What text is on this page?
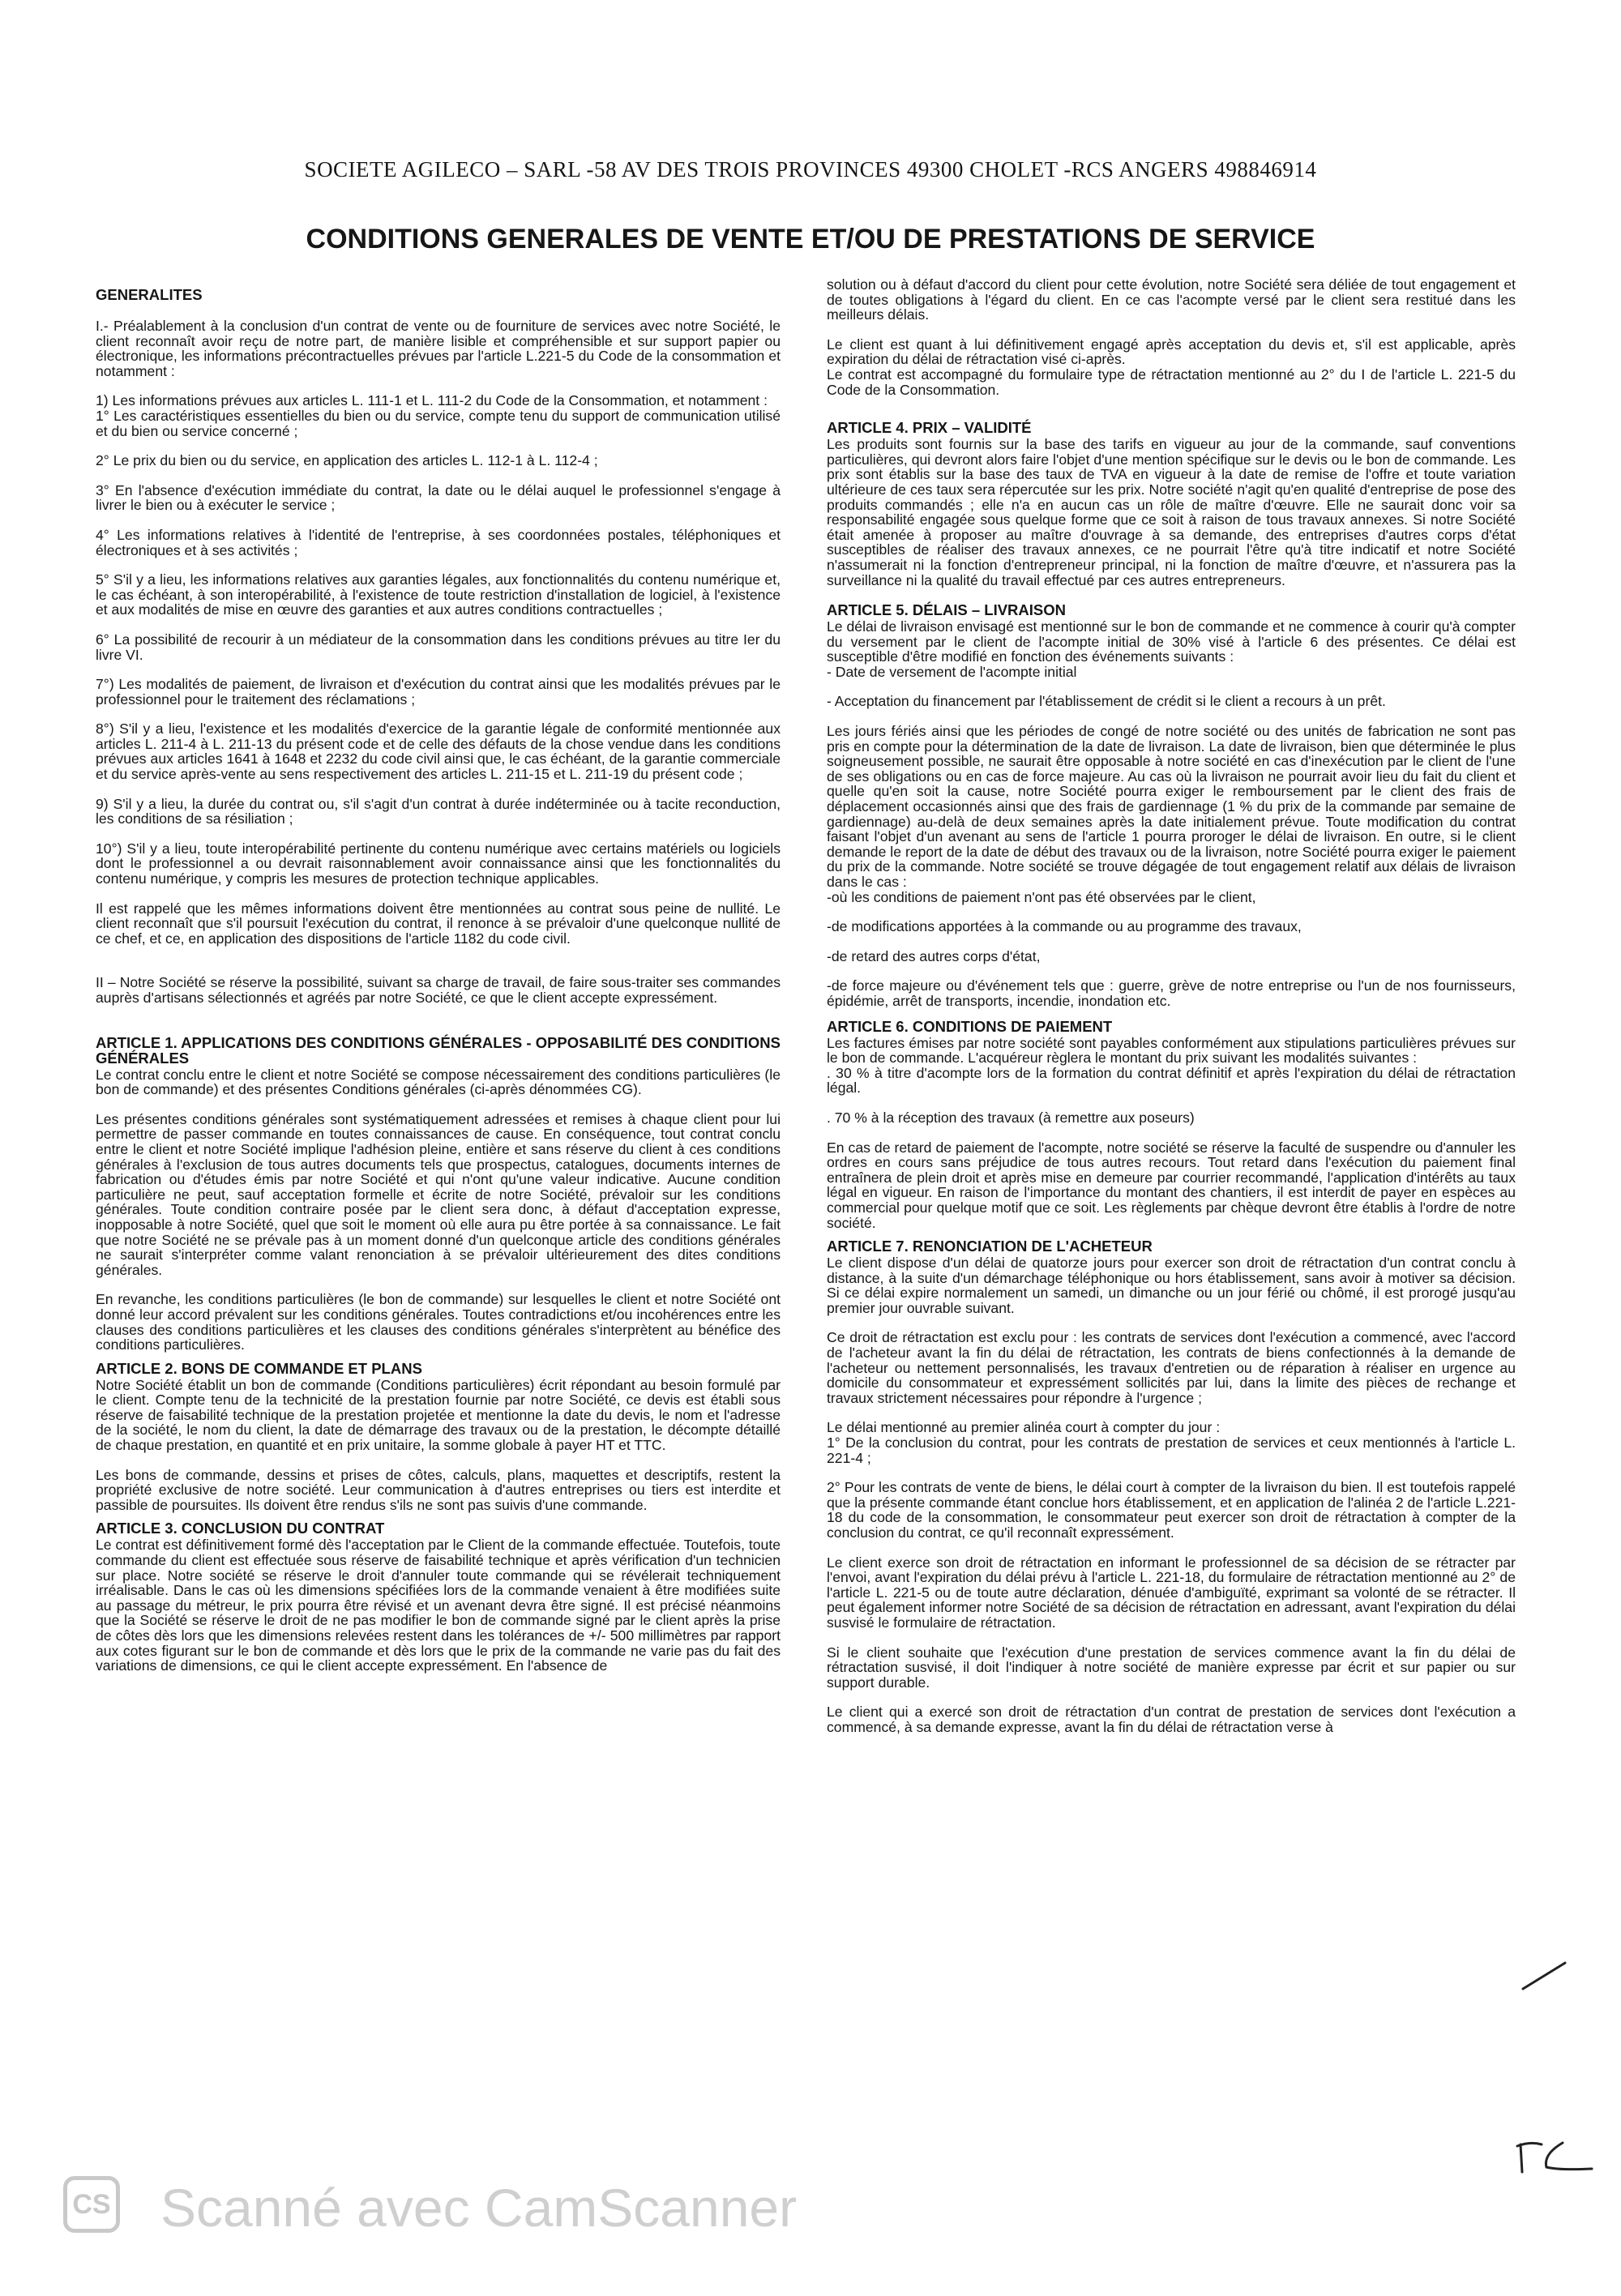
SOCIETE AGILECO – SARL -58 AV DES TROIS PROVINCES 49300 CHOLET -RCS ANGERS 498846914
CONDITIONS GENERALES DE VENTE ET/OU DE PRESTATIONS DE SERVICE
GENERALITES

I.- Préalablement à la conclusion d'un contrat de vente ou de fourniture de services avec notre Société, le client reconnaît avoir reçu de notre part, de manière lisible et compréhensible et sur support papier ou électronique, les informations précontractuelles prévues par l'article L.221-5 du Code de la consommation et notamment :

1) Les informations prévues aux articles L. 111-1 et L. 111-2 du Code de la Consommation, et notamment :

1° Les caractéristiques essentielles du bien ou du service, compte tenu du support de communication utilisé et du bien ou service concerné ;

2° Le prix du bien ou du service, en application des articles L. 112-1 à L. 112-4 ;

3° En l'absence d'exécution immédiate du contrat, la date ou le délai auquel le professionnel s'engage à livrer le bien ou à exécuter le service ;

4° Les informations relatives à l'identité de l'entreprise, à ses coordonnées postales, téléphoniques et électroniques et à ses activités ;

5° S'il y a lieu, les informations relatives aux garanties légales, aux fonctionnalités du contenu numérique et, le cas échéant, à son interopérabilité, à l'existence de toute restriction d'installation de logiciel, à l'existence et aux modalités de mise en œuvre des garanties et aux autres conditions contractuelles ;

6° La possibilité de recourir à un médiateur de la consommation dans les conditions prévues au titre Ier du livre VI.

7°) Les modalités de paiement, de livraison et d'exécution du contrat ainsi que les modalités prévues par le professionnel pour le traitement des réclamations ;

8°) S'il y a lieu, l'existence et les modalités d'exercice de la garantie légale de conformité mentionnée aux articles L. 211-4 à L. 211-13 du présent code et de celle des défauts de la chose vendue dans les conditions prévues aux articles 1641 à 1648 et 2232 du code civil ainsi que, le cas échéant, de la garantie commerciale et du service après-vente au sens respectivement des articles L. 211-15 et L. 211-19 du présent code ;

9) S'il y a lieu, la durée du contrat ou, s'il s'agit d'un contrat à durée indéterminée ou à tacite reconduction, les conditions de sa résiliation ;

10°) S'il y a lieu, toute interopérabilité pertinente du contenu numérique avec certains matériels ou logiciels dont le professionnel a ou devrait raisonnablement avoir connaissance ainsi que les fonctionnalités du contenu numérique, y compris les mesures de protection technique applicables.

Il est rappelé que les mêmes informations doivent être mentionnées au contrat sous peine de nullité. Le client reconnaît que s'il poursuit l'exécution du contrat, il renonce à se prévaloir d'une quelconque nullité de ce chef, et ce, en application des dispositions de l'article 1182 du code civil.

II – Notre Société se réserve la possibilité, suivant sa charge de travail, de faire sous-traiter ses commandes auprès d'artisans sélectionnés et agréés par notre Société, ce que le client accepte expressément.

ARTICLE 1. APPLICATIONS DES CONDITIONS GÉNÉRALES - OPPOSABILITÉ DES CONDITIONS GÉNÉRALES

Le contrat conclu entre le client et notre Société se compose nécessairement des conditions particulières (le bon de commande) et des présentes Conditions générales (ci-après dénommées CG).

Les présentes conditions générales sont systématiquement adressées et remises à chaque client pour lui permettre de passer commande en toutes connaissances de cause. En conséquence, tout contrat conclu entre le client et notre Société implique l'adhésion pleine, entière et sans réserve du client à ces conditions générales à l'exclusion de tous autres documents tels que prospectus, catalogues, documents internes de fabrication ou d'études émis par notre Société et qui n'ont qu'une valeur indicative. Aucune condition particulière ne peut, sauf acceptation formelle et écrite de notre Société, prévaloir sur les conditions générales. Toute condition contraire posée par le client sera donc, à défaut d'acceptation expresse, inopposable à notre Société, quel que soit le moment où elle aura pu être portée à sa connaissance. Le fait que notre Société ne se prévale pas à un moment donné d'un quelconque article des conditions générales ne saurait s'interpréter comme valant renonciation à se prévaloir ultérieurement des dites conditions générales.

En revanche, les conditions particulières (le bon de commande) sur lesquelles le client et notre Société ont donné leur accord prévalent sur les conditions générales. Toutes contradictions et/ou incohérences entre les clauses des conditions particulières et les clauses des conditions générales s'interprètent au bénéfice des conditions particulières.

ARTICLE 2. BONS DE COMMANDE ET PLANS

Notre Société établit un bon de commande (Conditions particulières) écrit répondant au besoin formulé par le client. Compte tenu de la technicité de la prestation fournie par notre Société, ce devis est établi sous réserve de faisabilité technique de la prestation projetée et mentionne la date du devis, le nom et l'adresse de la société, le nom du client, la date de démarrage des travaux ou de la prestation, le décompte détaillé de chaque prestation, en quantité et en prix unitaire, la somme globale à payer HT et TTC.

Les bons de commande, dessins et prises de côtes, calculs, plans, maquettes et descriptifs, restent la propriété exclusive de notre société. Leur communication à d'autres entreprises ou tiers est interdite et passible de poursuites. Ils doivent être rendus s'ils ne sont pas suivis d'une commande.

ARTICLE 3. CONCLUSION DU CONTRAT

Le contrat est définitivement formé dès l'acceptation par le Client de la commande effectuée. Toutefois, toute commande du client est effectuée sous réserve de faisabilité technique et après vérification d'un technicien sur place. Notre société se réserve le droit d'annuler toute commande qui se révélerait techniquement irréalisable. Dans le cas où les dimensions spécifiées lors de la commande venaient à être modifiées suite au passage du métreur, le prix pourra être révisé et un avenant devra être signé. Il est précisé néanmoins que la Société se réserve le droit de ne pas modifier le bon de commande signé par le client après la prise de côtes dès lors que les dimensions relevées restent dans les tolérances de +/- 500 millimètres par rapport aux cotes figurant sur le bon de commande et dès lors que le prix de la commande ne varie pas du fait des variations de dimensions, ce qui le client accepte expressément. En l'absence de

solution ou à défaut d'accord du client pour cette évolution, notre Société sera déliée de tout engagement et de toutes obligations à l'égard du client. En ce cas l'acompte versé par le client sera restitué dans les meilleurs délais.

Le client est quant à lui définitivement engagé après acceptation du devis et, s'il est applicable, après expiration du délai de rétractation visé ci-après.

Le contrat est accompagné du formulaire type de rétractation mentionné au 2° du I de l'article L. 221-5 du Code de la Consommation.

ARTICLE 4. PRIX – VALIDITÉ

Les produits sont fournis sur la base des tarifs en vigueur au jour de la commande, sauf conventions particulières, qui devront alors faire l'objet d'une mention spécifique sur le devis ou le bon de commande. Les prix sont établis sur la base des taux de TVA en vigueur à la date de remise de l'offre et toute variation ultérieure de ces taux sera répercutée sur les prix. Notre société n'agit qu'en qualité d'entreprise de pose des produits commandés ; elle n'a en aucun cas un rôle de maître d'œuvre. Elle ne saurait donc voir sa responsabilité engagée sous quelque forme que ce soit à raison de tous travaux annexes. Si notre Société était amenée à proposer au maître d'ouvrage à sa demande, des entreprises d'autres corps d'état susceptibles de réaliser des travaux annexes, ce ne pourrait l'être qu'à titre indicatif et notre Société n'assumerait ni la fonction d'entrepreneur principal, ni la fonction de maître d'œuvre, et n'assurera pas la surveillance ni la qualité du travail effectué par ces autres entrepreneurs.

ARTICLE 5. DÉLAIS – LIVRAISON

Le délai de livraison envisagé est mentionné sur le bon de commande et ne commence à courir qu'à compter du versement par le client de l'acompte initial de 30% visé à l'article 6 des présentes. Ce délai est susceptible d'être modifié en fonction des événements suivants :

- Date de versement de l'acompte initial

- Acceptation du financement par l'établissement de crédit si le client a recours à un prêt.

Les jours fériés ainsi que les périodes de congé de notre société ou des unités de fabrication ne sont pas pris en compte pour la détermination de la date de livraison. La date de livraison, bien que déterminée le plus soigneusement possible, ne saurait être opposable à notre société en cas d'inexécution par le client de l'une de ses obligations ou en cas de force majeure. Au cas où la livraison ne pourrait avoir lieu du fait du client et quelle qu'en soit la cause, notre Société pourra exiger le remboursement par le client des frais de déplacement occasionnés ainsi que des frais de gardiennage (1 % du prix de la commande par semaine de gardiennage) au-delà de deux semaines après la date initialement prévue. Toute modification du contrat faisant l'objet d'un avenant au sens de l'article 1 pourra proroger le délai de livraison. En outre, si le client demande le report de la date de début des travaux ou de la livraison, notre Société pourra exiger le paiement du prix de la commande. Notre société se trouve dégagée de tout engagement relatif aux délais de livraison dans le cas :

-où les conditions de paiement n'ont pas été observées par le client,

-de modifications apportées à la commande ou au programme des travaux,

-de retard des autres corps d'état,

-de force majeure ou d'événement tels que : guerre, grève de notre entreprise ou l'un de nos fournisseurs, épidémie, arrêt de transports, incendie, inondation etc.

ARTICLE 6. CONDITIONS DE PAIEMENT

Les factures émises par notre société sont payables conformément aux stipulations particulières prévues sur le bon de commande. L'acquéreur règlera le montant du prix suivant les modalités suivantes :

. 30 % à titre d'acompte lors de la formation du contrat définitif et après l'expiration du délai de rétractation légal.

. 70 % à la réception des travaux (à remettre aux poseurs)

En cas de retard de paiement de l'acompte, notre société se réserve la faculté de suspendre ou d'annuler les ordres en cours sans préjudice de tous autres recours. Tout retard dans l'exécution du paiement final entraînera de plein droit et après mise en demeure par courrier recommandé, l'application d'intérêts au taux légal en vigueur. En raison de l'importance du montant des chantiers, il est interdit de payer en espèces au commercial pour quelque motif que ce soit. Les règlements par chèque devront être établis à l'ordre de notre société.

ARTICLE 7. RENONCIATION DE L'ACHETEUR

Le client dispose d'un délai de quatorze jours pour exercer son droit de rétractation d'un contrat conclu à distance, à la suite d'un démarchage téléphonique ou hors établissement, sans avoir à motiver sa décision. Si ce délai expire normalement un samedi, un dimanche ou un jour férié ou chômé, il est prorogé jusqu'au premier jour ouvrable suivant.

Ce droit de rétractation est exclu pour : les contrats de services dont l'exécution a commencé, avec l'accord de l'acheteur avant la fin du délai de rétractation, les contrats de biens confectionnés à la demande de l'acheteur ou nettement personnalisés, les travaux d'entretien ou de réparation à réaliser en urgence au domicile du consommateur et expressément sollicités par lui, dans la limite des pièces de rechange et travaux strictement nécessaires pour répondre à l'urgence ;

Le délai mentionné au premier alinéa court à compter du jour :

1° De la conclusion du contrat, pour les contrats de prestation de services et ceux mentionnés à l'article L. 221-4 ;

2° Pour les contrats de vente de biens, le délai court à compter de la livraison du bien. Il est toutefois rappelé que la présente commande étant conclue hors établissement, et en application de l'alinéa 2 de l'article L.221-18 du code de la consommation, le consommateur peut exercer son droit de rétractation à compter de la conclusion du contrat, ce qu'il reconnaît expressément.

Le client exerce son droit de rétractation en informant le professionnel de sa décision de se rétracter par l'envoi, avant l'expiration du délai prévu à l'article L. 221-18, du formulaire de rétractation mentionné au 2° de l'article L. 221-5 ou de toute autre déclaration, dénuée d'ambiguïté, exprimant sa volonté de se rétracter. Il peut également informer notre Société de sa décision de rétractation en adressant, avant l'expiration du délai susvisé le formulaire de rétractation.

Si le client souhaite que l'exécution d'une prestation de services commence avant la fin du délai de rétractation susvisé, il doit l'indiquer à notre société de manière expresse par écrit et sur papier ou sur support durable.

Le client qui a exercé son droit de rétractation d'un contrat de prestation de services dont l'exécution a commencé, à sa demande expresse, avant la fin du délai de rétractation verse à

CS Scanné avec CamScanner
